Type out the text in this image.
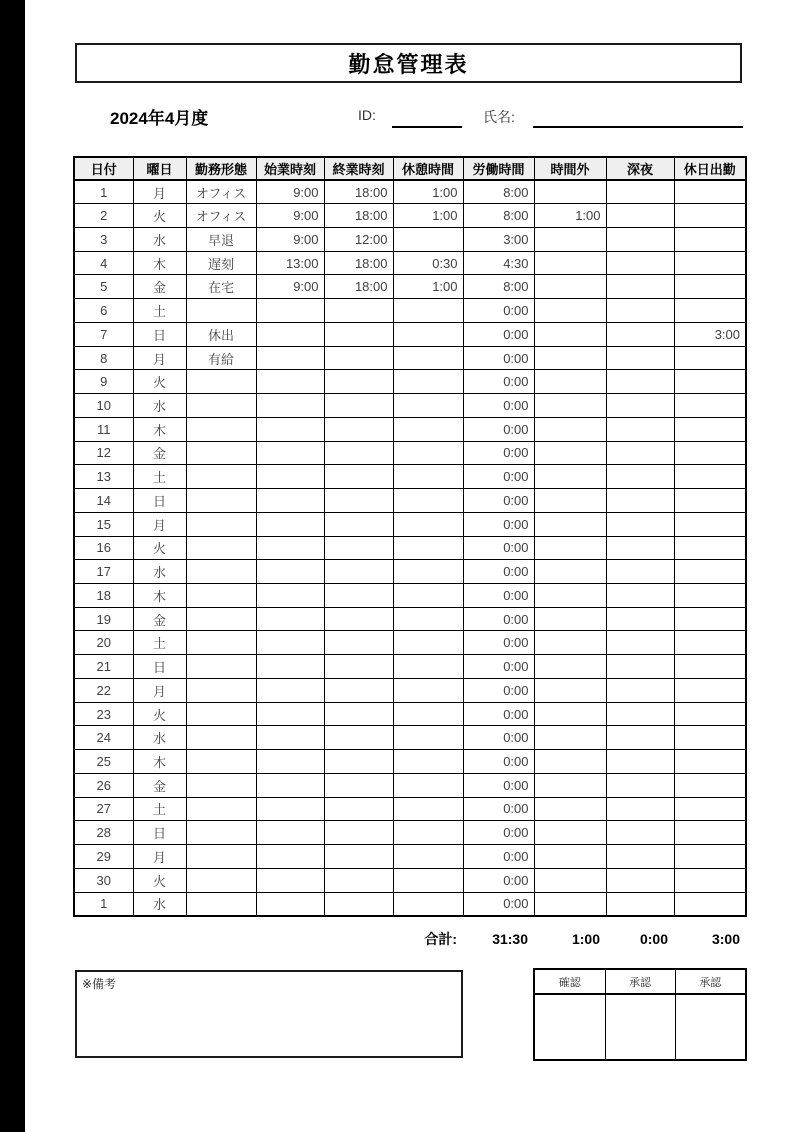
勤怠管理表
2024年4月度	ID:	氏名:
日付	曜日	勤務形態	始業時刻	終業時刻	休憩時間	労働時間	時間外	深夜	休日出勤
1	月	オフィス	9:00	18:00	1:00	8:00			
2	火	オフィス	9:00	18:00	1:00	8:00	1:00		
3	水	早退	9:00	12:00		3:00			
4	木	遅刻	13:00	18:00	0:30	4:30			
5	金	在宅	9:00	18:00	1:00	8:00			
6	土					0:00			
7	日	休出				0:00			3:00
8	月	有給				0:00			
9	火					0:00			
10	水					0:00			
11	木					0:00			
12	金					0:00			
13	土					0:00			
14	日					0:00			
15	月					0:00			
16	火					0:00			
17	水					0:00			
18	木					0:00			
19	金					0:00			
20	土					0:00			
21	日					0:00			
22	月					0:00			
23	火					0:00			
24	水					0:00			
25	木					0:00			
26	金					0:00			
27	土					0:00			
28	日					0:00			
29	月					0:00			
30	火					0:00			
1	水					0:00			
					合計:	31:30	1:00	0:00	3:00
※備考	確認	承認	承認
